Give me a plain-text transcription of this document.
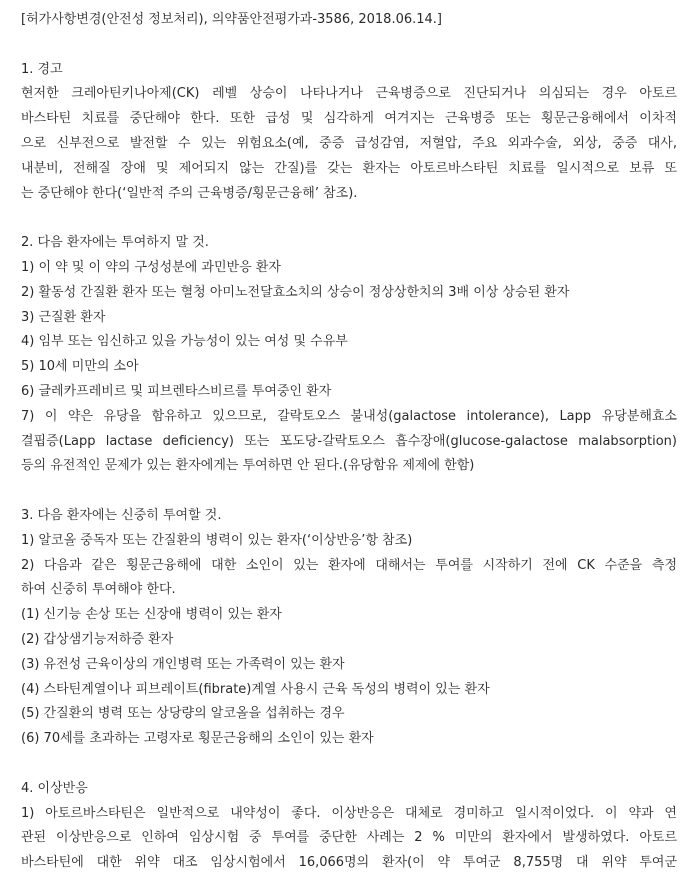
[허가사항변경(안전성 정보처리), 의약품안전평가과-3586, 2018.06.14.]
1. 경고
현저한 크레아틴키나아제(CK) 레벨 상승이 나타나거나 근육병증으로 진단되거나 의심되는 경우 아토르
바스타틴 치료를 중단해야 한다. 또한 급성 및 심각하게 여겨지는 근육병증 또는 횡문근융해에서 이차적
으로 신부전으로 발전할 수 있는 위험요소(예, 중증 급성감염, 저혈압, 주요 외과수술, 외상, 중증 대사,
내분비, 전해질 장애 및 제어되지 않는 간질)를 갖는 환자는 아토르바스타틴 치료를 일시적으로 보류 또
는 중단해야 한다(‘일반적 주의 근육병증/횡문근융해’ 참조).
2. 다음 환자에는 투여하지 말 것.
1) 이 약 및 이 약의 구성성분에 과민반응 환자
2) 활동성 간질환 환자 또는 혈청 아미노전달효소치의 상승이 정상상한치의 3배 이상 상승된 환자
3) 근질환 환자
4) 임부 또는 임신하고 있을 가능성이 있는 여성 및 수유부
5) 10세 미만의 소아
6) 글레카프레비르 및 피브렌타스비르를 투여중인 환자
7) 이 약은 유당을 함유하고 있으므로, 갈락토오스 불내성(galactose intolerance), Lapp 유당분해효소
결핍증(Lapp lactase deficiency) 또는 포도당-갈락토오스 흡수장애(glucose-galactose malabsorption)
등의 유전적인 문제가 있는 환자에게는 투여하면 안 된다.(유당함유 제제에 한함)
3. 다음 환자에는 신중히 투여할 것.
1) 알코올 중독자 또는 간질환의 병력이 있는 환자(‘이상반응’항 참조)
2) 다음과 같은 횡문근융해에 대한 소인이 있는 환자에 대해서는 투여를 시작하기 전에 CK 수준을 측정
하여 신중히 투여해야 한다.
(1) 신기능 손상 또는 신장애 병력이 있는 환자
(2) 갑상샘기능저하증 환자
(3) 유전성 근육이상의 개인병력 또는 가족력이 있는 환자
(4) 스타틴계열이나 피브레이트(fibrate)계열 사용시 근육 독성의 병력이 있는 환자
(5) 간질환의 병력 또는 상당량의 알코올을 섭취하는 경우
(6) 70세를 초과하는 고령자로 횡문근융해의 소인이 있는 환자
4. 이상반응
1) 아토르바스타틴은 일반적으로 내약성이 좋다. 이상반응은 대체로 경미하고 일시적이었다. 이 약과 연
관된 이상반응으로 인하여 임상시험 중 투여를 중단한 사례는 2 % 미만의 환자에서 발생하였다. 아토르
바스타틴에 대한 위약 대조 임상시험에서 16,066명의 환자(이 약 투여군 8,755명 대 위약 투여군
